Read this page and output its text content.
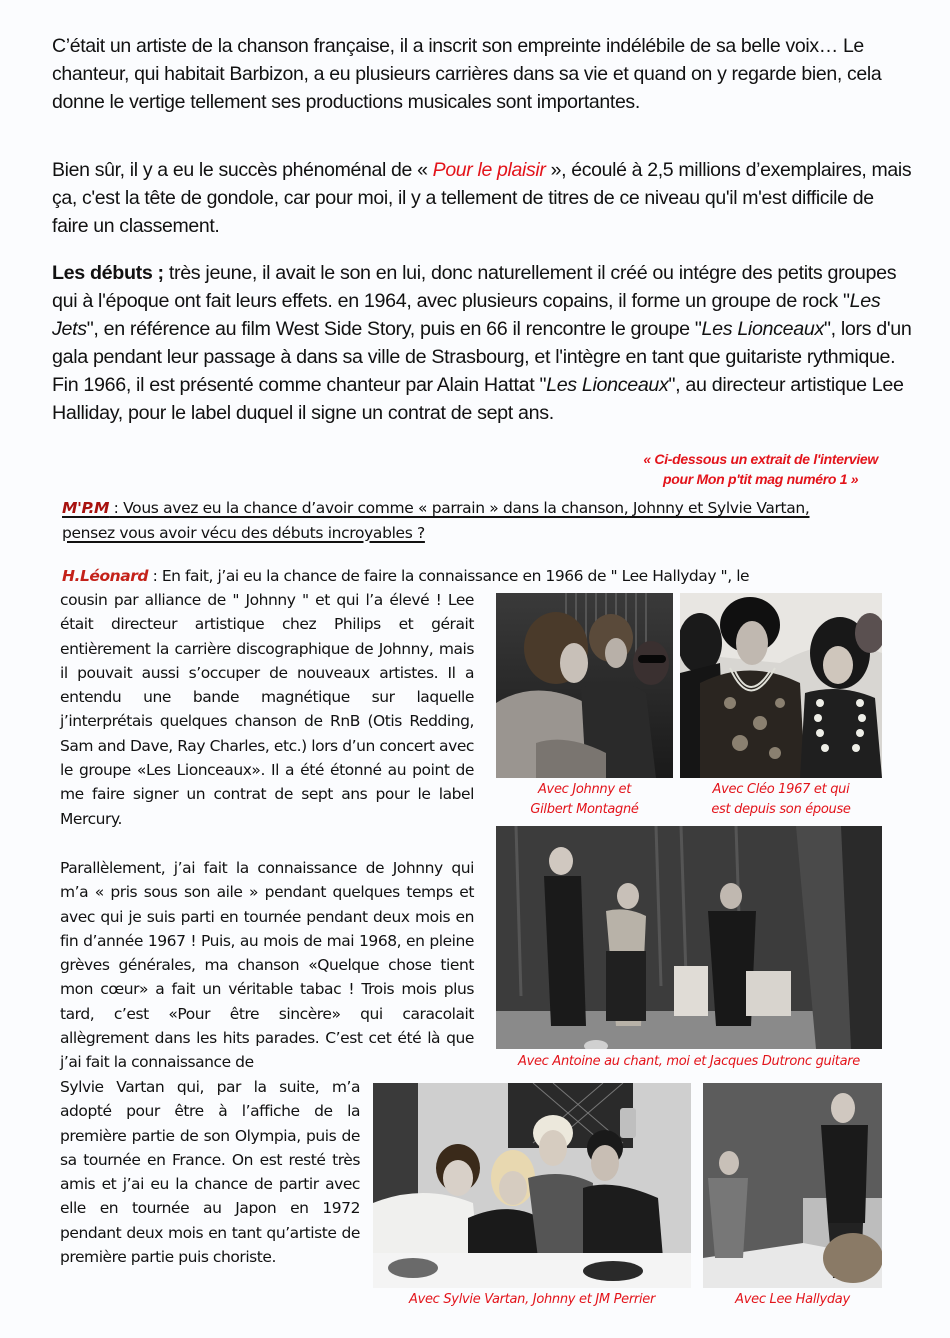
C’était un artiste de la chanson française, il a inscrit son empreinte indélébile de sa belle voix… Le chanteur, qui habitait Barbizon, a eu plusieurs carrières dans sa vie et quand on y regarde bien, cela donne le vertige tellement ses productions musicales sont importantes.

Bien sûr, il y a eu le succès phénoménal de « Pour le plaisir », écoulé à 2,5 millions d’exemplaires, mais ça, c'est la tête de gondole, car pour moi, il y a tellement de titres de ce niveau qu'il m'est difficile de faire un classement.

Les débuts ; très jeune, il avait le son en lui, donc naturellement il créé ou intégre des petits groupes qui à l'époque ont fait leurs effets. en 1964, avec plusieurs copains, il forme un groupe de rock "Les Jets", en référence au film West Side Story, puis en 66 il rencontre le groupe "Les Lionceaux", lors d'un gala pendant leur passage à dans sa ville de Strasbourg, et l'intègre en tant que guitariste rythmique. Fin 1966, il est présenté comme chanteur par Alain Hattat "Les Lionceaux", au directeur artistique Lee Halliday, pour le label duquel il signe un contrat de sept ans.

« Ci-dessous un extrait de l'interview
pour Mon p'tit mag numéro 1 »
M'P.M : Vous avez eu la chance d’avoir comme « parrain » dans la chanson, Johnny et Sylvie Vartan, pensez vous avoir vécu des débuts incroyables ?
H.Léonard : En fait, j’ai eu la chance de faire la connaissance en 1966 de " Lee Hallyday ", le

cousin par alliance de " Johnny " et qui l’a élevé ! Lee était directeur artistique chez Philips et gérait entièrement la carrière discographique de Johnny, mais il pouvait aussi s’occuper de nouveaux artistes. Il a entendu une bande magnétique sur laquelle j’interprétais quelques chanson de RnB (Otis Redding, Sam and Dave, Ray Charles, etc.) lors d’un concert avec le groupe «Les Lionceaux». Il a été étonné au point de me faire signer un contrat de sept ans pour le label Mercury.

Parallèlement, j’ai fait la connaissance de Johnny qui m’a « pris sous son aile » pendant quelques temps et avec qui je suis parti en tournée pendant deux mois en fin d’année 1967 ! Puis, au mois de mai 1968, en pleine grèves générales, ma chanson «Quelque chose tient mon cœur» a fait un véritable tabac ! Trois mois plus tard, c’est «Pour être sincère» qui caracolait allègrement dans les hits parades. C’est cet été là que j’ai fait la connaissance de

Sylvie Vartan qui, par la suite, m’a adopté pour être à l’affiche de la première partie de son Olympia, puis de sa tournée en France. On est resté très amis et j’ai eu la chance de partir avec elle en tournée au Japon en 1972 pendant deux mois en tant qu’artiste de première partie puis choriste.

Avec Johnny et
Gilbert Montagné
Avec Cléo 1967 et qui
est depuis son épouse
Avec Antoine au chant, moi et Jacques Dutronc guitare
Avec Sylvie Vartan, Johnny et JM Perrier	Avec Lee Hallyday
